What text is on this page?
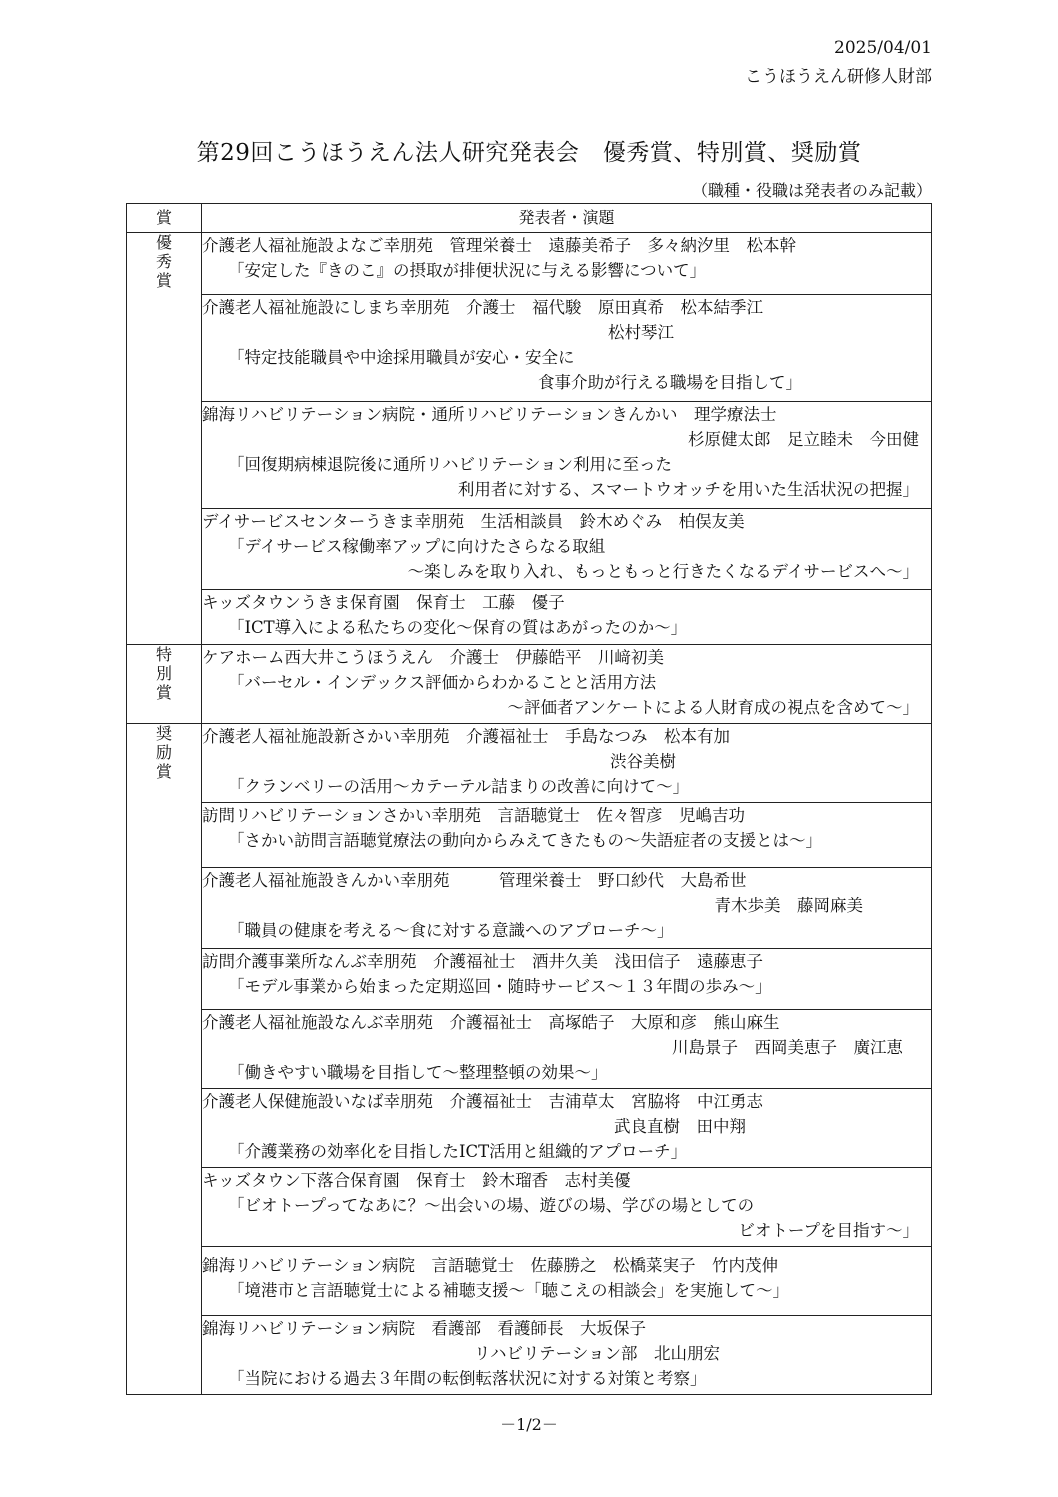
2025/04/01
こうほうえん研修人財部
第29回こうほうえん法人研究発表会　優秀賞、特別賞、奨励賞
（職種・役職は発表者のみ記載）
賞	発表者・演題
優秀賞	介護老人福祉施設よなご幸朋苑　管理栄養士　遠藤美希子　多々納汐里　松本幹
「安定した『きのこ』の摂取が排便状況に与える影響について」

	介護老人福祉施設にしまち幸朋苑　介護士　福代駿　原田真希　松本結季江
松村琴江
「特定技能職員や中途採用職員が安心・安全に
食事介助が行える職場を目指して」

	錦海リハビリテーション病院・通所リハビリテーションきんかい　理学療法士
杉原健太郎　足立睦未　今田健
「回復期病棟退院後に通所リハビリテーション利用に至った
利用者に対する、スマートウオッチを用いた生活状況の把握」

	デイサービスセンターうきま幸朋苑　生活相談員　鈴木めぐみ　柏俣友美
「デイサービス稼働率アップに向けたさらなる取組
～楽しみを取り入れ、もっともっと行きたくなるデイサービスへ～」

	キッズタウンうきま保育園　保育士　工藤　優子
「ICT導入による私たちの変化～保育の質はあがったのか～」

特別賞	ケアホーム西大井こうほうえん　介護士　伊藤皓平　川﨑初美
「バーセル・インデックス評価からわかることと活用方法
～評価者アンケートによる人財育成の視点を含めて～」

奨励賞	介護老人福祉施設新さかい幸朋苑　介護福祉士　手島なつみ　松本有加
渋谷美樹
「クランベリーの活用～カテーテル詰まりの改善に向けて～」

	訪問リハビリテーションさかい幸朋苑　言語聴覚士　佐々智彦　児嶋吉功
「さかい訪問言語聴覚療法の動向からみえてきたもの～失語症者の支援とは～」

	介護老人福祉施設きんかい幸朋苑　　　管理栄養士　野口紗代　大島希世
青木歩美　藤岡麻美
「職員の健康を考える～食に対する意識へのアプローチ～」

	訪問介護事業所なんぶ幸朋苑　介護福祉士　酒井久美　浅田信子　遠藤恵子
「モデル事業から始まった定期巡回・随時サービス～１３年間の歩み～」

	介護老人福祉施設なんぶ幸朋苑　介護福祉士　高塚皓子　大原和彦　熊山麻生
川島景子　西岡美恵子　廣江恵
「働きやすい職場を目指して～整理整頓の効果～」

	介護老人保健施設いなば幸朋苑　介護福祉士　吉浦草太　宮脇将　中江勇志
武良直樹　田中翔
「介護業務の効率化を目指したICT活用と組織的アプローチ」

	キッズタウン下落合保育園　保育士　鈴木瑠香　志村美優
「ビオトープってなあに？～出会いの場、遊びの場、学びの場としての
ビオトープを目指す～」

	錦海リハビリテーション病院　言語聴覚士　佐藤勝之　松橋菜実子　竹内茂伸
「境港市と言語聴覚士による補聴支援～「聴こえの相談会」を実施して～」

	錦海リハビリテーション病院　看護部　看護師長　大坂保子
リハビリテーション部　北山朋宏
「当院における過去３年間の転倒転落状況に対する対策と考察」
－1/2－
